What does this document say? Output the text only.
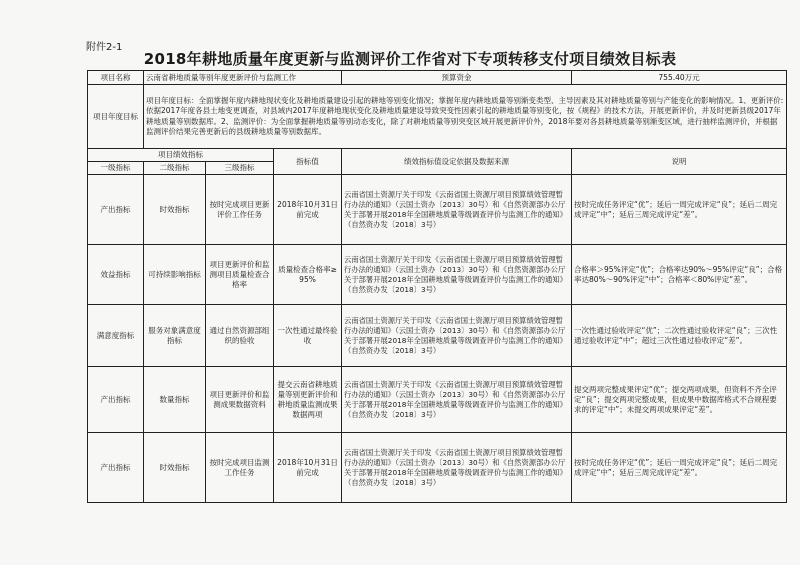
附件2-1
2018年耕地质量年度更新与监测评价工作省对下专项转移支付项目绩效目标表
项目名称	云南省耕地质量等别年度更新评价与监测工作			预算资金	755.40万元
项目年度目标	项目年度目标：全面掌握年度内耕地现状变化及耕地质量建设引起的耕地等别变化情况；掌握年度内耕地质量等别渐变类型、主导因素及其对耕地质量等别与产能变化的影响情况。1、更新评价:依据2017年度各县土地变更调查，对县域内2017年度耕地现状变化及耕地质量建设导致突变性因素引起的耕地质量等别变化，按《规程》的技术方法，开展更新评价，并及时更新县级2017年耕地质量等别数据库。2、监测评价：为全面掌握耕地质量等别动态变化，除了对耕地质量等别突变区域开展更新评价外，2018年要对各县耕地质量等别渐变区域，进行抽样监测评价，并根据监测评价结果完善更新后的县级耕地质量等别数据库。				
项目绩效指标			指标值	绩效指标值设定依据及数据来源	说明
一级指标	二级指标	三级指标			
产出指标	时效指标	按时完成项目更新评价工作任务	2018年10月31日前完成	云南省国土资源厅关于印发《云南省国土资源厅项目预算绩效管理暂行办法的通知》（云国土资办〔2013〕30号）和《自然资源部办公厅关于部署开展2018年全国耕地质量等级调查评价与监测工作的通知》（自然资办发〔2018〕3号）	按时完成任务评定“优”；延后一周完成评定“良”；延后二周完成评定“中”；延后三周完成评定“差”。
效益指标	可持续影响指标	项目更新评价和监测项目质量检查合格率	质量检查合格率≥95%	云南省国土资源厅关于印发《云南省国土资源厅项目预算绩效管理暂行办法的通知》（云国土资办〔2013〕30号）和《自然资源部办公厅关于部署开展2018年全国耕地质量等级调查评价与监测工作的通知》（自然资办发〔2018〕3号）	合格率＞95%评定“优”；合格率达90%～95%评定“良”；合格率达80%～90%评定“中”；合格率＜80%评定“差”。
满意度指标	服务对象满意度指标	通过自然资源部组织的验收	一次性通过最终验收	云南省国土资源厅关于印发《云南省国土资源厅项目预算绩效管理暂行办法的通知》（云国土资办〔2013〕30号）和《自然资源部办公厅关于部署开展2018年全国耕地质量等级调查评价与监测工作的通知》（自然资办发〔2018〕3号）	一次性通过验收评定“优”；二次性通过验收评定“良”；三次性通过验收评定“中”；超过三次性通过验收评定“差”。
产出指标	数量指标	项目更新评价和监测成果数据资料	提交云南省耕地质量等别更新评价和耕地质量监测成果数据两项	云南省国土资源厅关于印发《云南省国土资源厅项目预算绩效管理暂行办法的通知》（云国土资办〔2013〕30号）和《自然资源部办公厅关于部署开展2018年全国耕地质量等级调查评价与监测工作的通知》（自然资办发〔2018〕3号）	提交两项完整成果评定“优”；提交两项成果，但资料不齐全评定“良”；提交两项完整成果，但成果中数据库格式不合规程要求的评定“中”；未提交两项成果评定“差”。
产出指标	时效指标	按时完成项目监测工作任务	2018年10月31日前完成	云南省国土资源厅关于印发《云南省国土资源厅项目预算绩效管理暂行办法的通知》（云国土资办〔2013〕30号）和《自然资源部办公厅关于部署开展2018年全国耕地质量等级调查评价与监测工作的通知》（自然资办发〔2018〕3号）	按时完成任务评定“优”；延后一周完成评定“良”；延后二周完成评定“中”；延后三周完成评定“差”。
